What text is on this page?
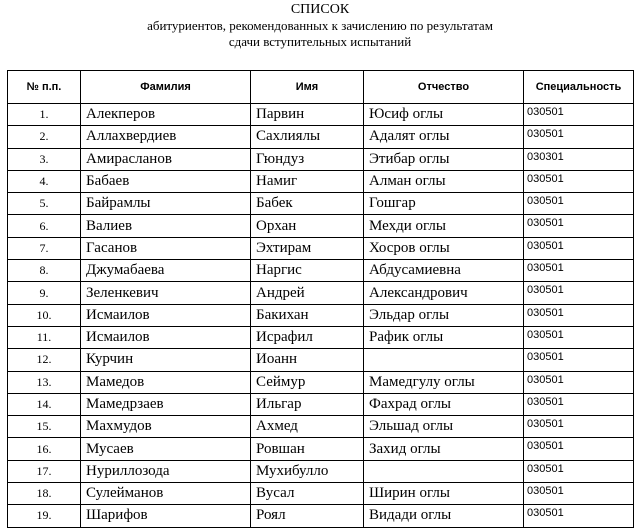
СПИСОК
абитуриентов, рекомендованных к зачислению по результатам
сдачи вступительных испытаний
№ п.п.	Фамилия	Имя	Отчество	Специальность
1.	Алекперов	Парвин	Юсиф оглы	030501
2.	Аллахвердиев	Сахлиялы	Адалят оглы	030501
3.	Амирасланов	Гюндуз	Этибар оглы	030301
4.	Бабаев	Намиг	Алман оглы	030501
5.	Байрамлы	Бабек	Гошгар	030501
6.	Валиев	Орхан	Мехди оглы	030501
7.	Гасанов	Эхтирам	Хосров оглы	030501
8.	Джумабаева	Наргис	Абдусамиевна	030501
9.	Зеленкевич	Андрей	Александрович	030501
10.	Исмаилов	Бакихан	Эльдар оглы	030501
11.	Исмаилов	Исрафил	Рафик оглы	030501
12.	Курчин	Иоанн		030501
13.	Мамедов	Сеймур	Мамедгулу оглы	030501
14.	Мамедрзаев	Ильгар	Фахрад оглы	030501
15.	Махмудов	Ахмед	Эльшад оглы	030501
16.	Мусаев	Ровшан	Захид оглы	030501
17.	Нуриллозода	Мухибулло		030501
18.	Сулейманов	Вусал	Ширин оглы	030501
19.	Шарифов	Роял	Видади оглы	030501
